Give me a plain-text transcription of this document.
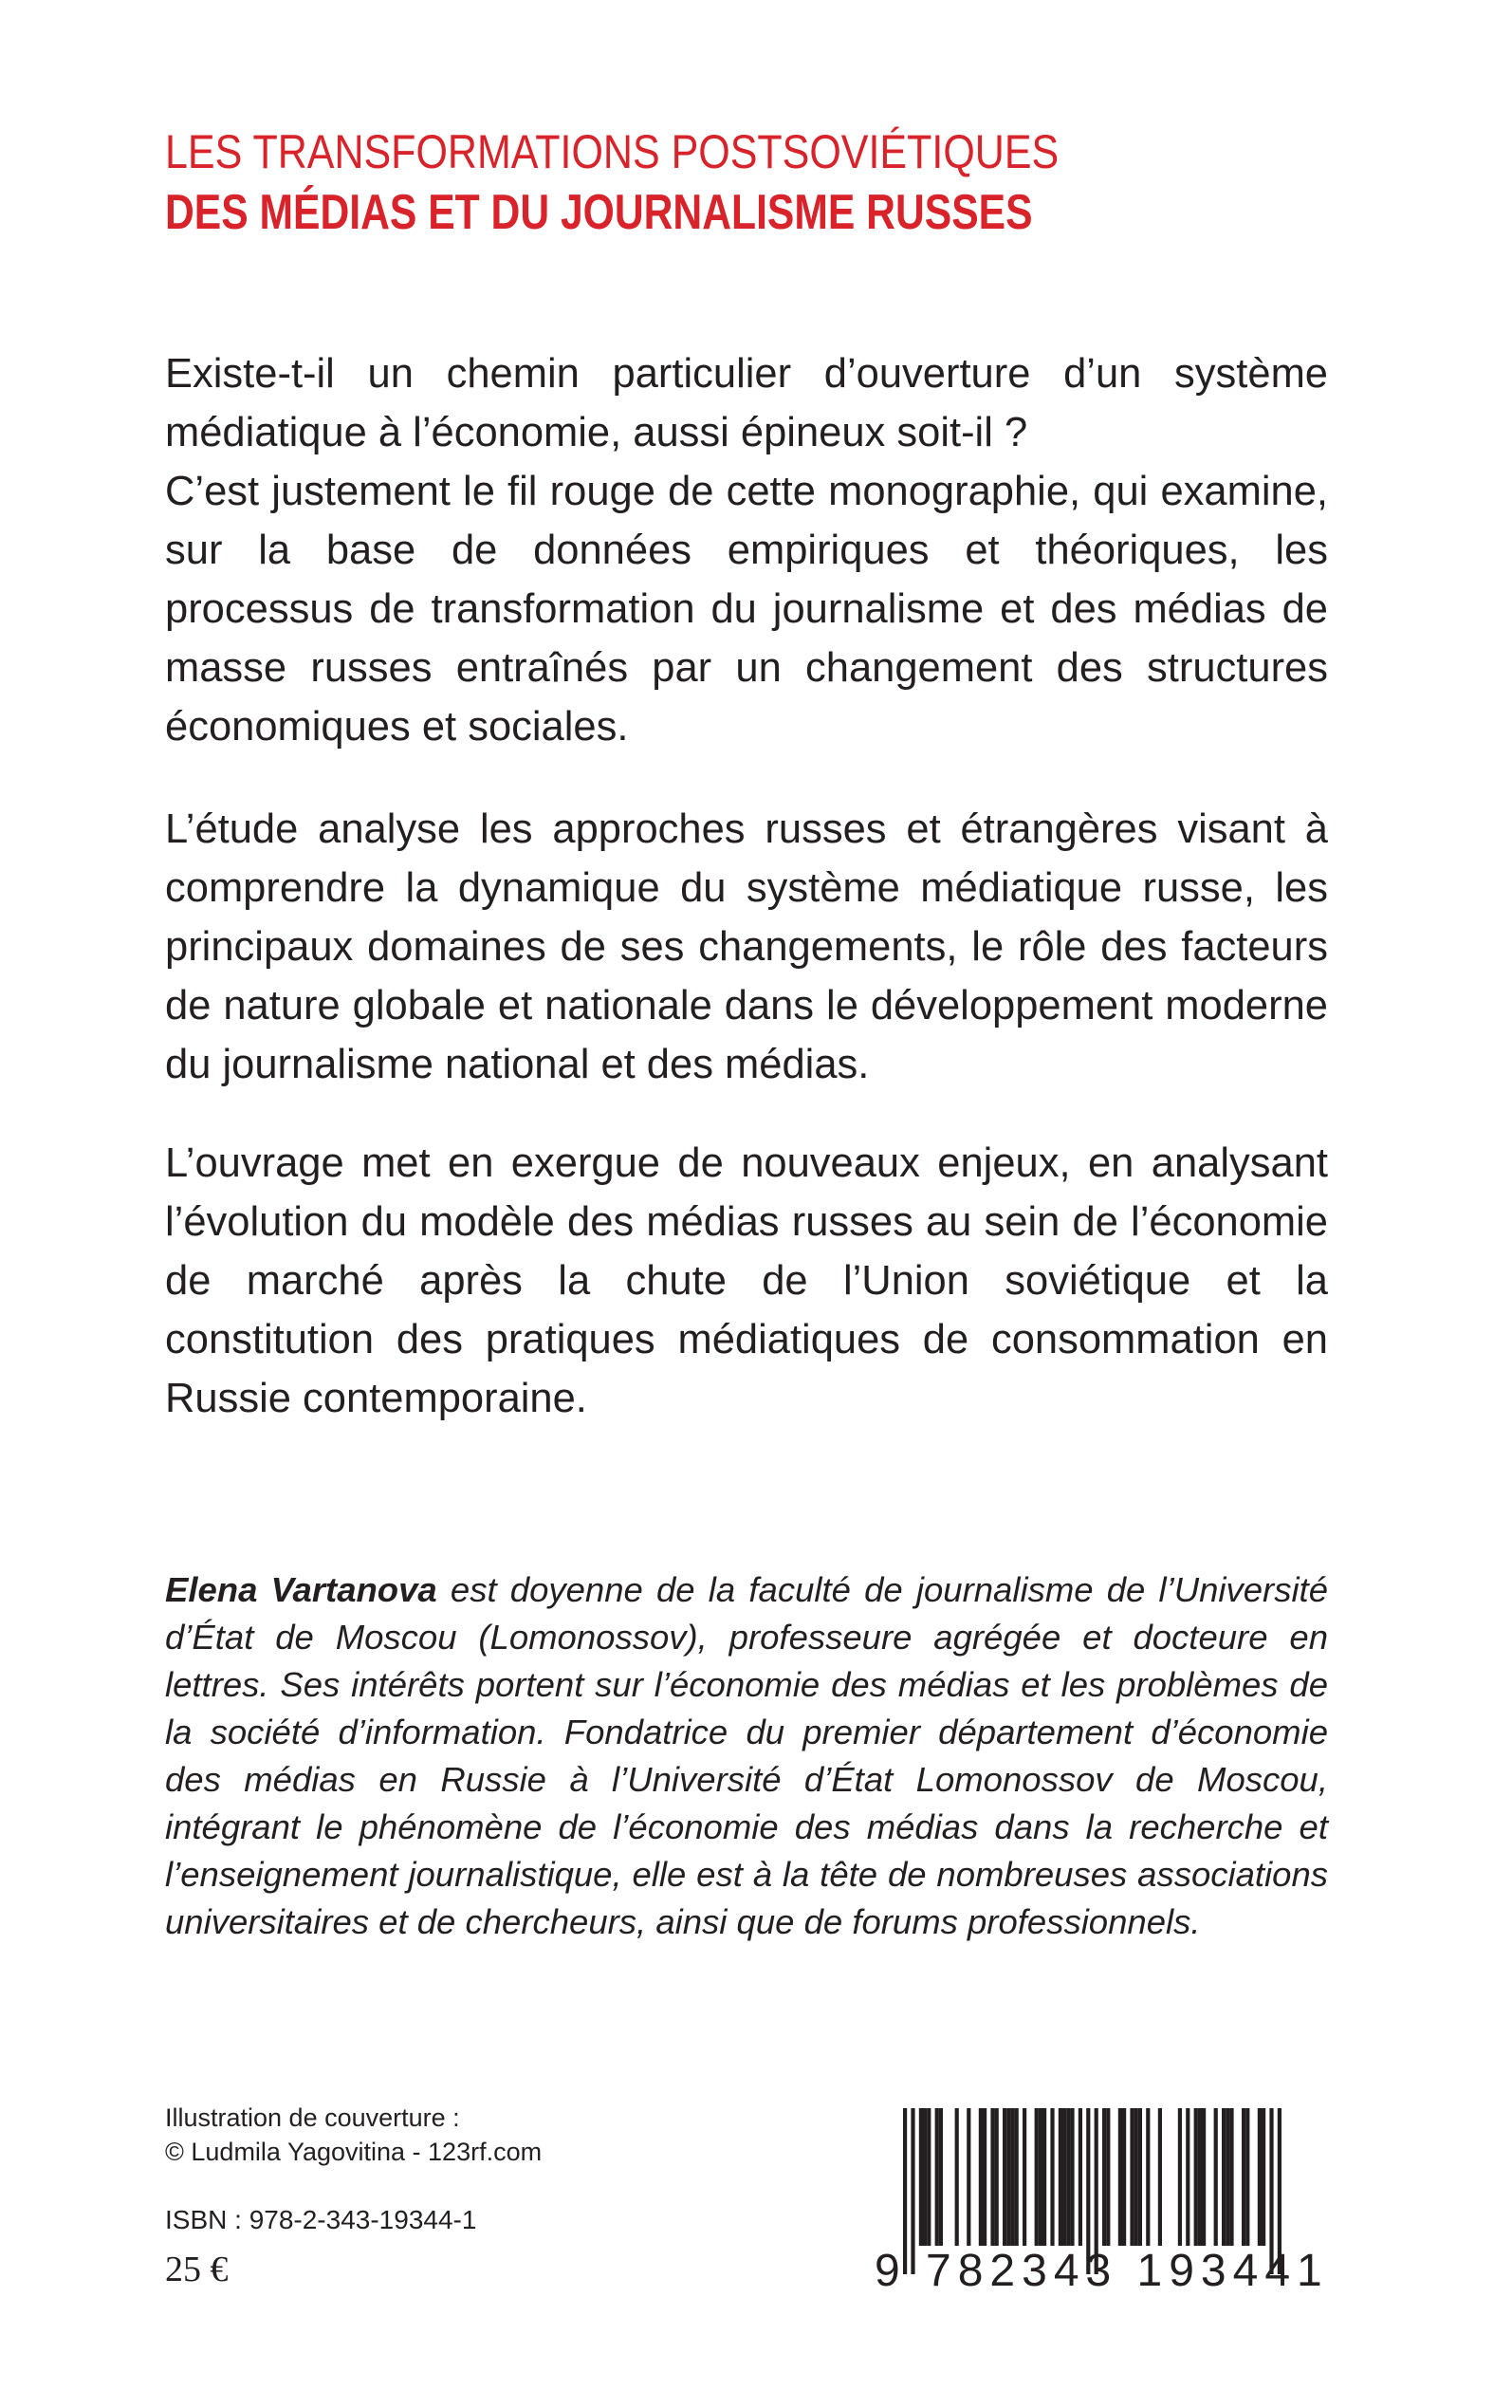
LES TRANSFORMATIONS POSTSOVIÉTIQUES
DES MÉDIAS ET DU JOURNALISME RUSSES

Existe-t-il un chemin particulier d’ouverture d’un système médiatique à l’économie, aussi épineux soit-il ?

C’est justement le fil rouge de cette monographie, qui examine, sur la base de données empiriques et théoriques, les processus de transformation du journalisme et des médias de masse russes entraînés par un changement des structures économiques et sociales.

L’étude analyse les approches russes et étrangères visant à comprendre la dynamique du système médiatique russe, les principaux domaines de ses changements, le rôle des facteurs de nature globale et nationale dans le développement moderne du journalisme national et des médias.

L’ouvrage met en exergue de nouveaux enjeux, en analysant l’évolution du modèle des médias russes au sein de l’économie de marché après la chute de l’Union soviétique et la constitution des pratiques médiatiques de consommation en Russie contemporaine.

Elena Vartanova est doyenne de la faculté de journalisme de l’Université d’État de Moscou (Lomonossov), professeure agrégée et docteure en lettres. Ses intérêts portent sur l’économie des médias et les problèmes de la société d’information. Fondatrice du premier département d’économie des médias en Russie à l’Université d’État Lomonossov de Moscou, intégrant le phénomène de l’économie des médias dans la recherche et l’enseignement journalistique, elle est à la tête de nombreuses associations universitaires et de chercheurs, ainsi que de forums professionnels.
Illustration de couverture :
© Ludmila Yagovitina - 123rf.com
ISBN : 978-2-343-19344-1
25 €	9 782343 193441
